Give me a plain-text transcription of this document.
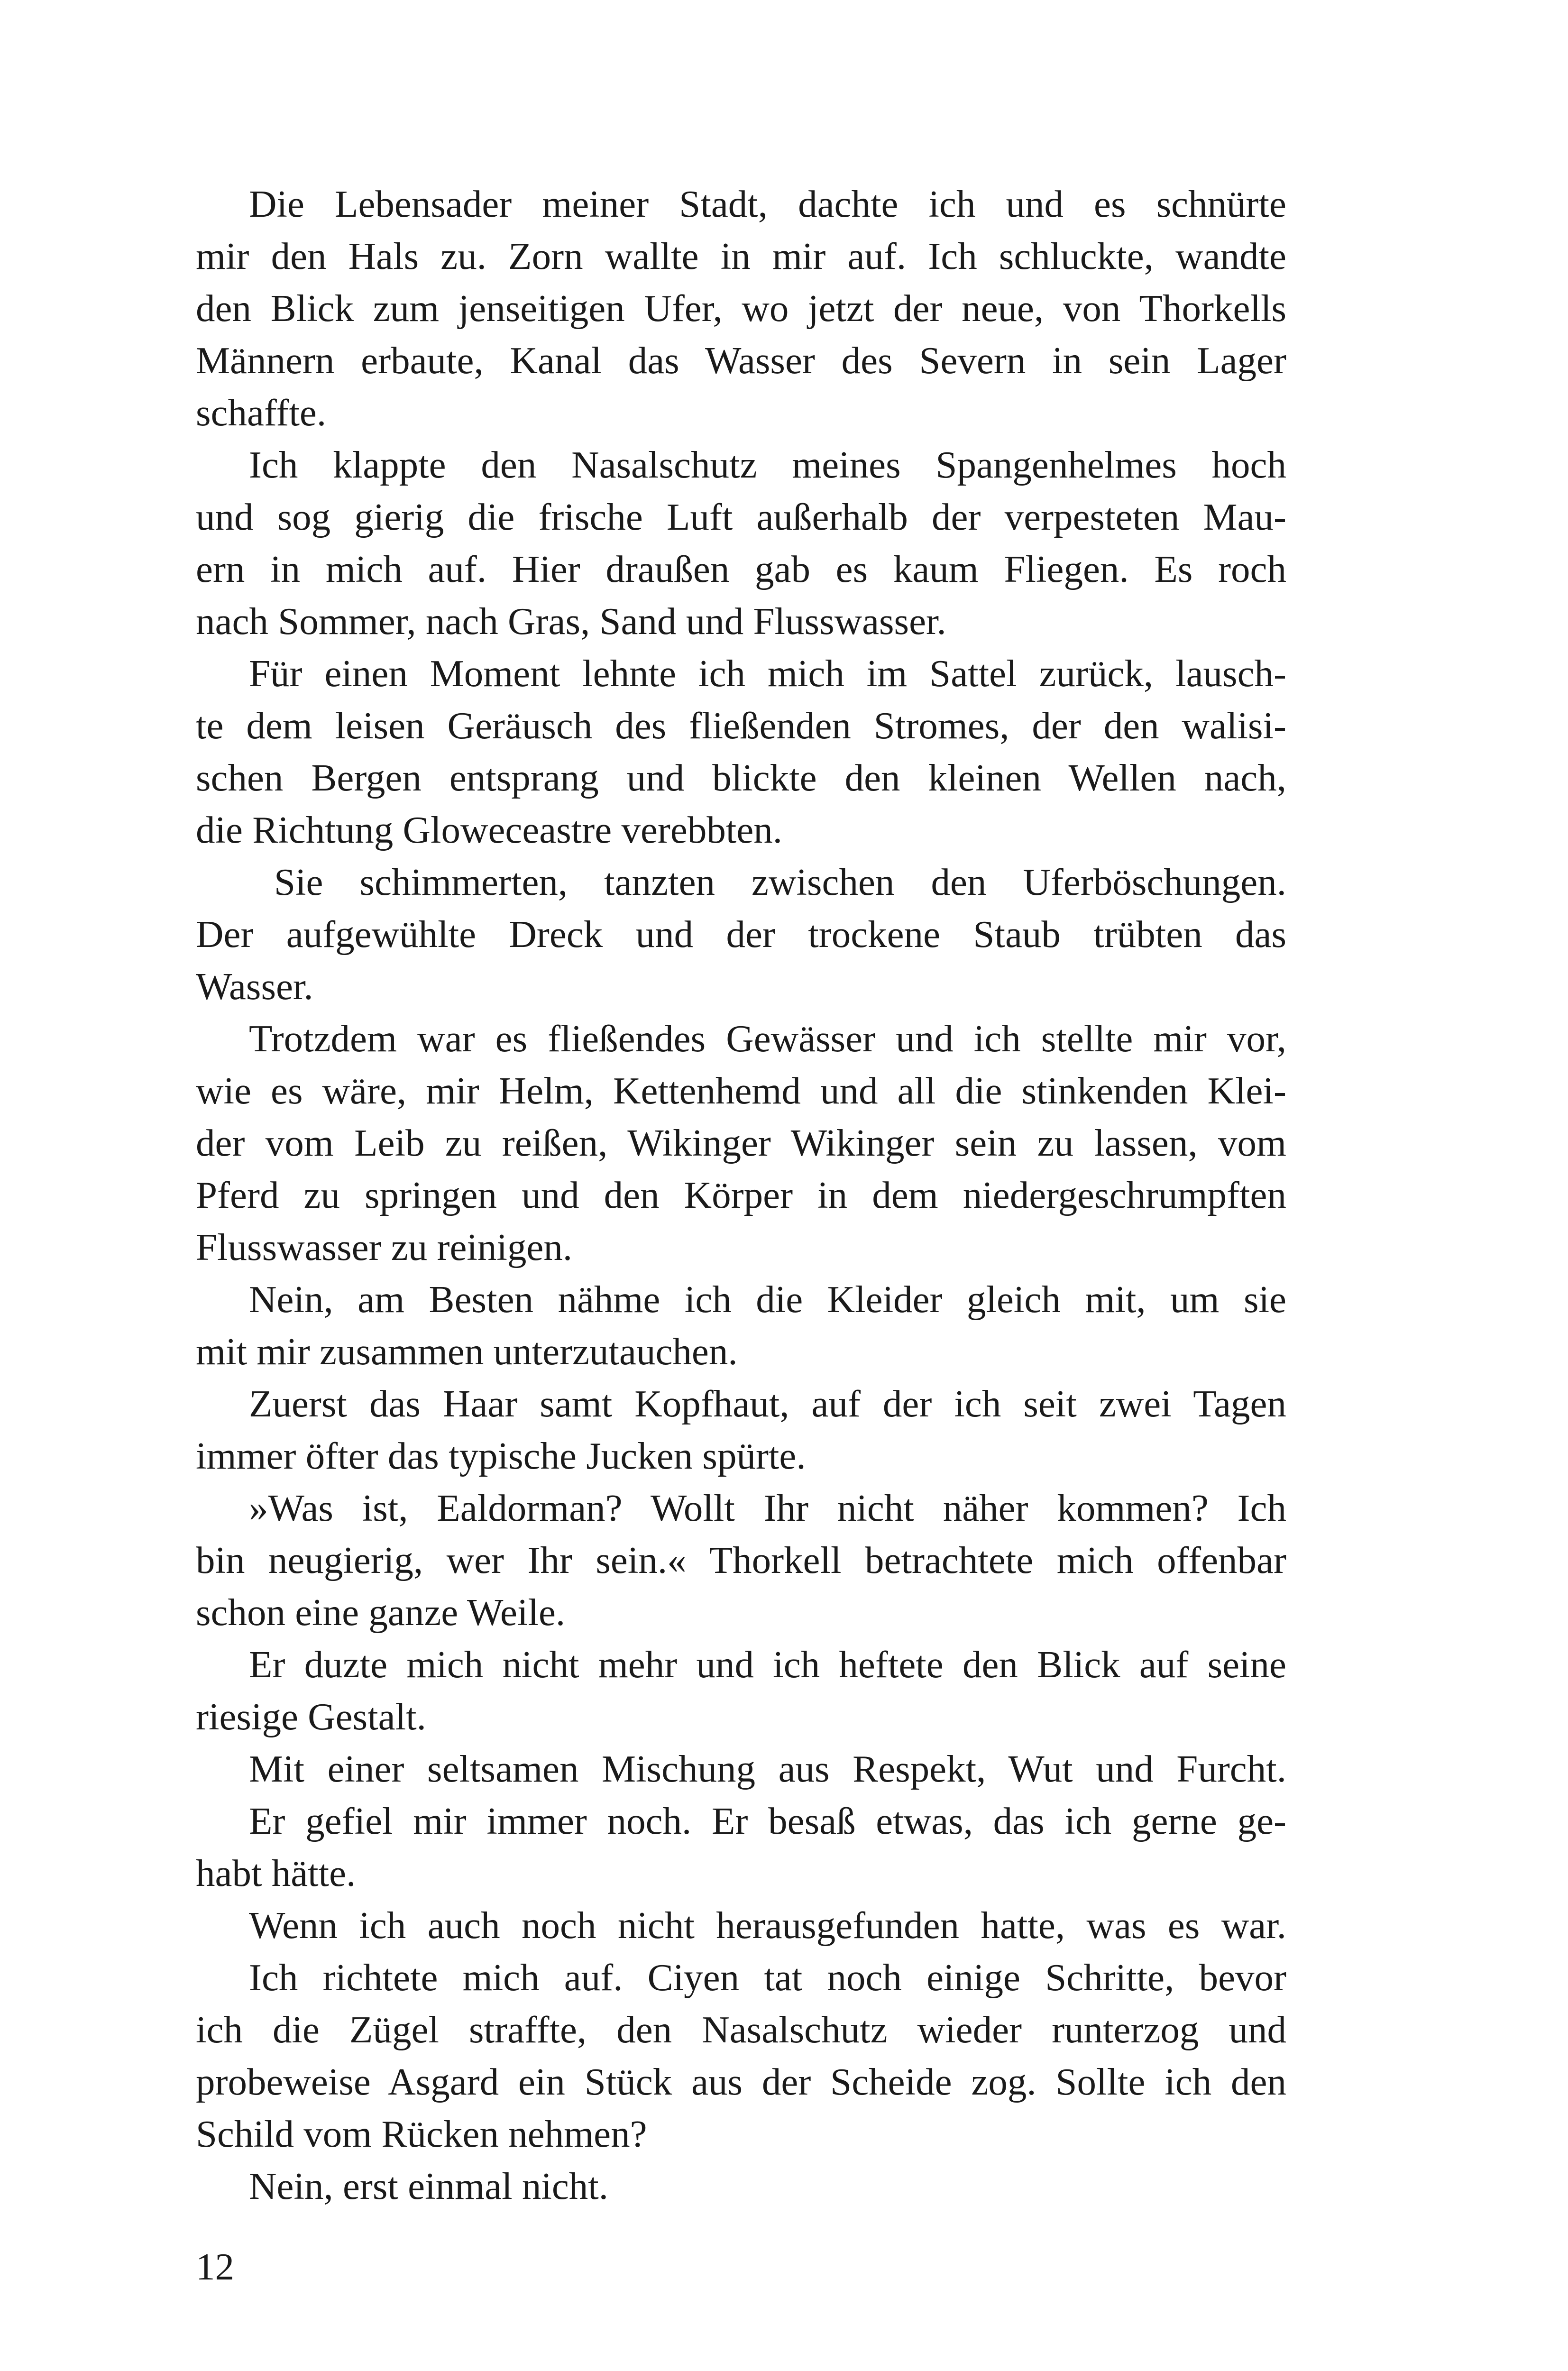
Die Lebensader meiner Stadt, dachte ich und es schnürte
mir den Hals zu. Zorn wallte in mir auf. Ich schluckte, wandte
den Blick zum jenseitigen Ufer, wo jetzt der neue, von Thorkells
Männern erbaute, Kanal das Wasser des Severn in sein Lager
schaffte.
Ich klappte den Nasalschutz meines Spangenhelmes hoch
und sog gierig die frische Luft außerhalb der verpesteten Mau-
ern in mich auf. Hier draußen gab es kaum Fliegen. Es roch
nach Sommer, nach Gras, Sand und Flusswasser.
Für einen Moment lehnte ich mich im Sattel zurück, lausch-
te dem leisen Geräusch des fließenden Stromes, der den walisi-
schen Bergen entsprang und blickte den kleinen Wellen nach,
die Richtung Gloweceastre verebbten.
Sie schimmerten, tanzten zwischen den Uferböschungen.
Der aufgewühlte Dreck und der trockene Staub trübten das
Wasser.
Trotzdem war es fließendes Gewässer und ich stellte mir vor,
wie es wäre, mir Helm, Kettenhemd und all die stinkenden Klei-
der vom Leib zu reißen, Wikinger Wikinger sein zu lassen, vom
Pferd zu springen und den Körper in dem niedergeschrumpften
Flusswasser zu reinigen.
Nein, am Besten nähme ich die Kleider gleich mit, um sie
mit mir zusammen unterzutauchen.
Zuerst das Haar samt Kopfhaut, auf der ich seit zwei Tagen
immer öfter das typische Jucken spürte.
»Was ist, Ealdorman? Wollt Ihr nicht näher kommen? Ich
bin neugierig, wer Ihr sein.« Thorkell betrachtete mich offenbar
schon eine ganze Weile.
Er duzte mich nicht mehr und ich heftete den Blick auf seine
riesige Gestalt.
Mit einer seltsamen Mischung aus Respekt, Wut und Furcht.
Er gefiel mir immer noch. Er besaß etwas, das ich gerne ge-
habt hätte.
Wenn ich auch noch nicht herausgefunden hatte, was es war.
Ich richtete mich auf. Ciyen tat noch einige Schritte, bevor
ich die Zügel straffte, den Nasalschutz wieder runterzog und
probeweise Asgard ein Stück aus der Scheide zog. Sollte ich den
Schild vom Rücken nehmen?
Nein, erst einmal nicht.
12
